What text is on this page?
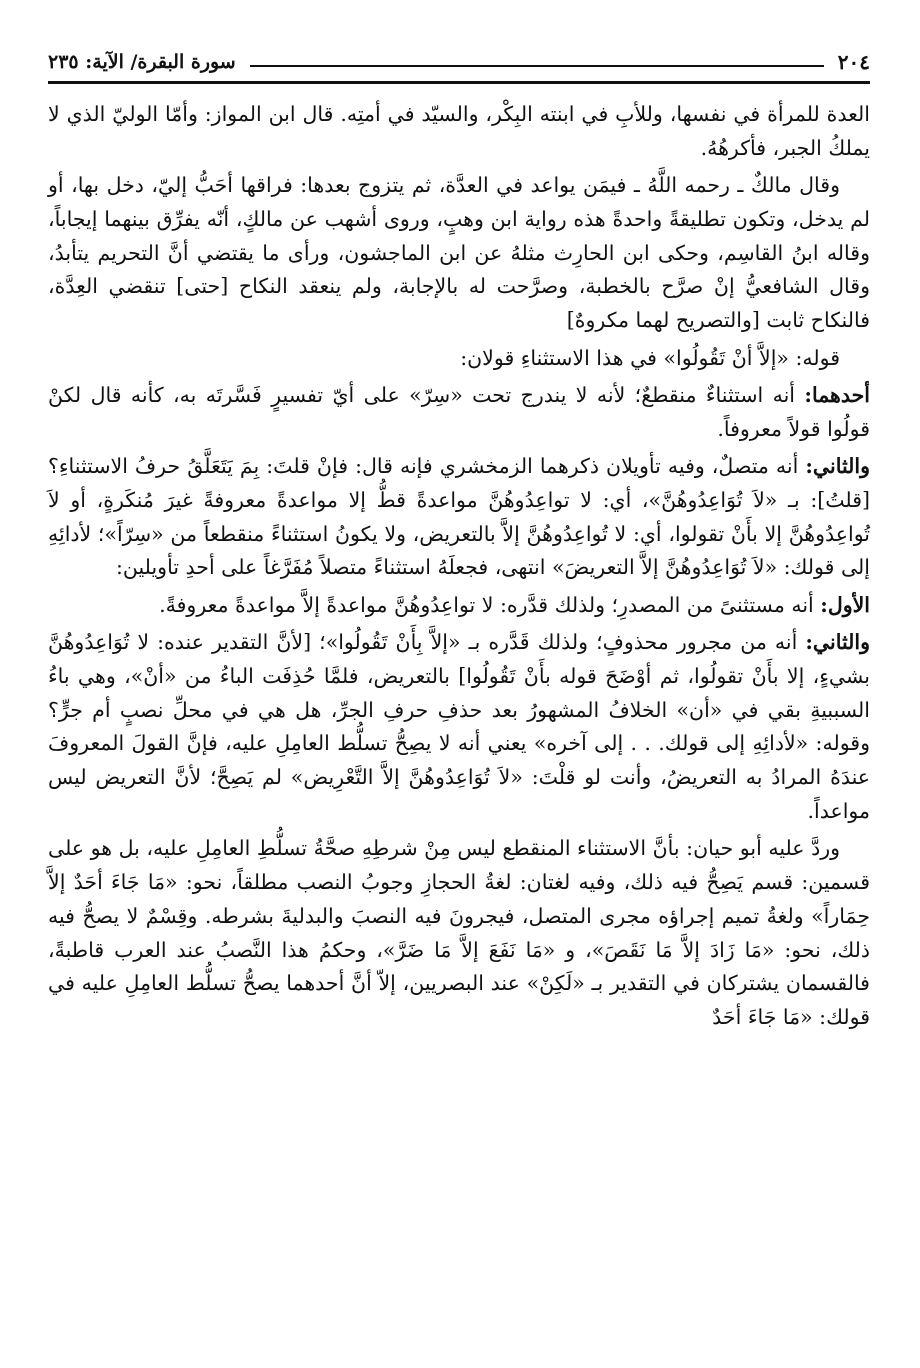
٢٠٤
سورة البقرة/ الآية: ٢٣٥

العدة للمرأة في نفسها، وللأبِ في ابنته البِكْر، والسيّد في أمتِه. قال ابن المواز: وأمّا الوليّ الذي لا يملكُ الجبر، فأكرهُهُ.

وقال مالكٌ ـ رحمه اللَّهُ ـ فيمَن يواعد في العدَّة، ثم يتزوج بعدها: فراقها أحَبُّ إليّ، دخل بها، أو لم يدخل، وتكون تطليقةً واحدةً هذه رواية ابن وهبٍ، وروى أشهب عن مالكٍ، أنّه يفرِّق بينهما إيجاباً، وقاله ابنُ القاسِم، وحكى ابن الحارِث مثلهُ عن ابن الماجشون، ورأى ما يقتضي أنَّ التحريم يتأبدُ، وقال الشافعيُّ إنْ صرَّح بالخطبة، وصرَّحت له بالإجابة، ولم ينعقد النكاح [حتى] تنقضي العِدَّة، فالنكاح ثابت [والتصريح لهما مكروهٌ]

قوله: «إلاَّ أنْ تَقُولُوا» في هذا الاستثناءِ قولان:

أحدهما: أنه استثناءٌ منقطعٌ؛ لأنه لا يندرج تحت «سِرّ» على أيّ تفسيرٍ فَسَّرتَه به، كأنه قال لكنْ قولُوا قولاً معروفاً.

والثاني: أنه متصلٌ، وفيه تأويلان ذكرهما الزمخشري فإنه قال: فإنْ قلتَ: بِمَ يَتَعَلَّقُ حرفُ الاستثناءِ؟ [قلتُ]: بـ «لاَ تُوَاعِدُوهُنَّ»، أي: لا تواعِدُوهُنَّ مواعدةً قطُّ إلا مواعدةً معروفةً غيرَ مُنكَرةٍ، أو لاَ تُواعِدُوهُنَّ إلا بأَنْ تقولوا، أي: لا تُواعِدُوهُنَّ إلاَّ بالتعريض، ولا يكونُ استثناءً منقطعاً من «سِرّاً»؛ لأدائِهِ إلى قولك: «لاَ تُوَاعِدُوهُنَّ إلاَّ التعريضَ» انتهى، فجعلَهُ استثناءً متصلاً مُفَرَّغاً على أحدِ تأويلين:

الأول: أنه مستثنىً من المصدرِ؛ ولذلك قدَّره: لا تواعِدُوهُنَّ مواعدةً إلاَّ مواعدةً معروفةً.

والثاني: أنه من مجرور محذوفٍ؛ ولذلك قَدَّره بـ «إلاَّ بِأَنْ تَقُولُوا»؛ [لأنَّ التقدير عنده: لا تُوَاعِدُوهُنَّ بشيءٍ، إلا بأَنْ تقولُوا، ثم أوْضَحَ قوله بأَنْ تَقُولُوا] بالتعريض، فلمَّا حُذِفَت الباءُ من «أنْ»، وهي باءُ السببيةِ بقي في «أن» الخلافُ المشهورُ بعد حذفِ حرفِ الجرِّ، هل هي في محلِّ نصبٍ أم جرٍّ؟ وقوله: «لأدائِهِ إلى قولك. . . إلى آخره» يعني أنه لا يصِحُّ تسلُّط العامِلِ عليه، فإنَّ القولَ المعروفَ عندَهُ المرادُ به التعريضُ، وأنت لو قلْتَ: «لاَ تُوَاعِدُوهُنَّ إلاَّ التَّعْرِيض» لم يَصِحَّ؛ لأنَّ التعريض ليس مواعداً.

وردَّ عليه أبو حيان: بأنَّ الاستثناء المنقطع ليس مِنْ شرطِهِ صحَّةُ تسلُّطِ العامِلِ عليه، بل هو على قسمين: قسم يَصِحُّ فيه ذلك، وفيه لغتان: لغةُ الحجازِ وجوبُ النصب مطلقاً، نحو: «مَا جَاءَ أحَدٌ إلاَّ حِمَاراً» ولغةُ تميم إجراؤه مجرى المتصل، فيجرونَ فيه النصبَ والبدليةَ بشرطه. وقِسْمٌ لا يصحُّ فيه ذلك، نحو: «مَا زَادَ إلاَّ مَا نَقَصَ»، و «مَا نَفَعَ إلاَّ مَا ضَرَّ»، وحكمُ هذا النَّصبُ عند العرب قاطبةً، فالقسمان يشتركان في التقدير بـ «لَكِنْ» عند البصريين، إلاّ أنَّ أحدهما يصحُّ تسلُّط العامِلِ عليه في قولك: «مَا جَاءَ أحَدٌ
